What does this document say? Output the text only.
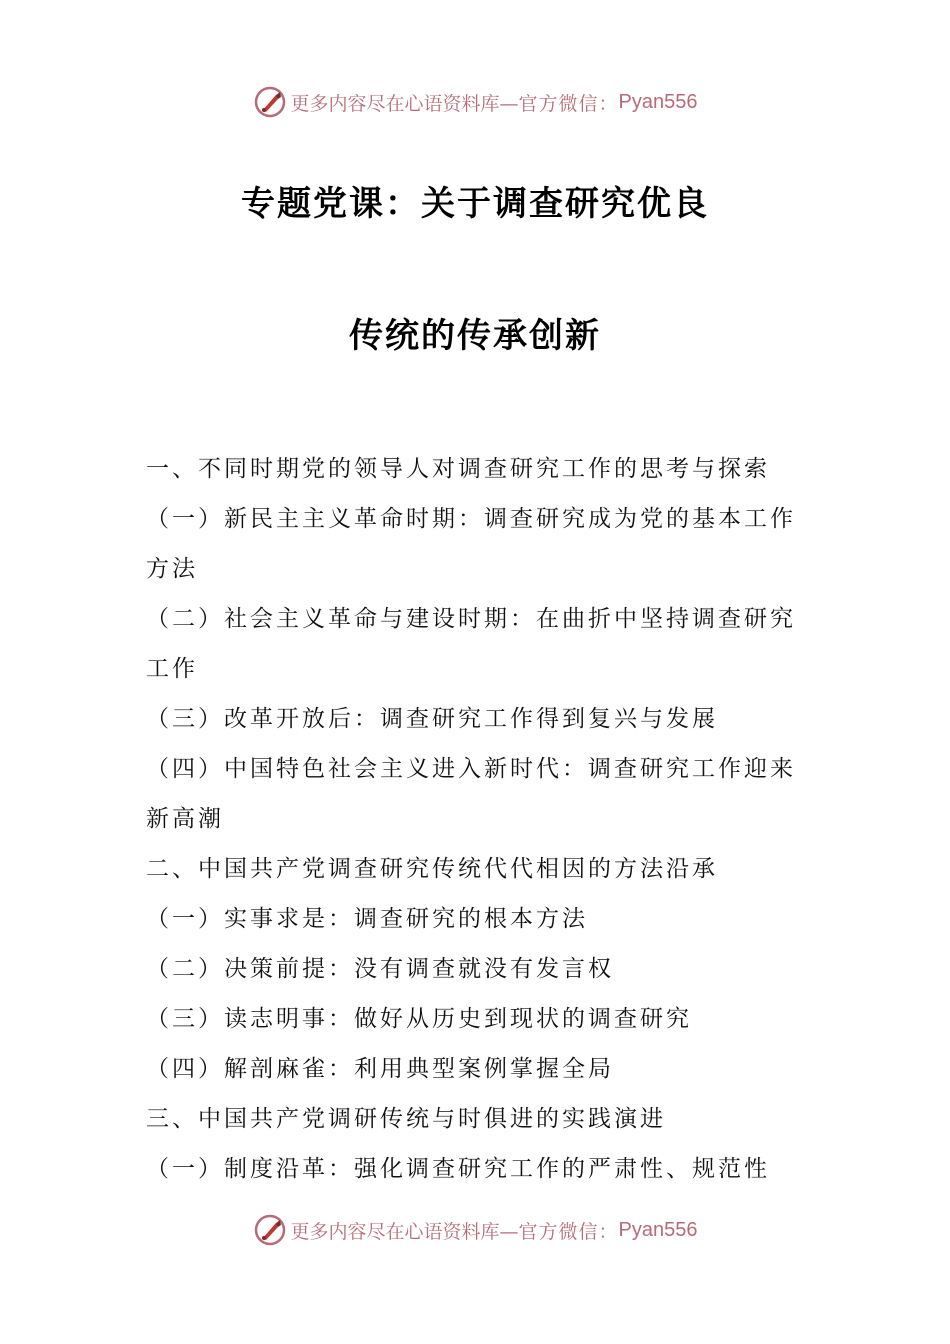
更多内容尽在心语资料库— 官方微信： Pyan556
专题党课：关于调查研究优良
传统的传承创新
一、不同时期党的领导人对调查研究工作的思考与探索
（一）新民主主义革命时期：调查研究成为党的基本工作
方法
（二）社会主义革命与建设时期：在曲折中坚持调查研究
工作
（三）改革开放后：调查研究工作得到复兴与发展
（四）中国特色社会主义进入新时代：调查研究工作迎来
新高潮
二、中国共产党调查研究传统代代相因的方法沿承
（一）实事求是：调查研究的根本方法
（二）决策前提：没有调查就没有发言权
（三）读志明事：做好从历史到现状的调查研究
（四）解剖麻雀：利用典型案例掌握全局
三、中国共产党调研传统与时俱进的实践演进
（一）制度沿革：强化调查研究工作的严肃性、规范性
更多内容尽在心语资料库— 官方微信： Pyan556
